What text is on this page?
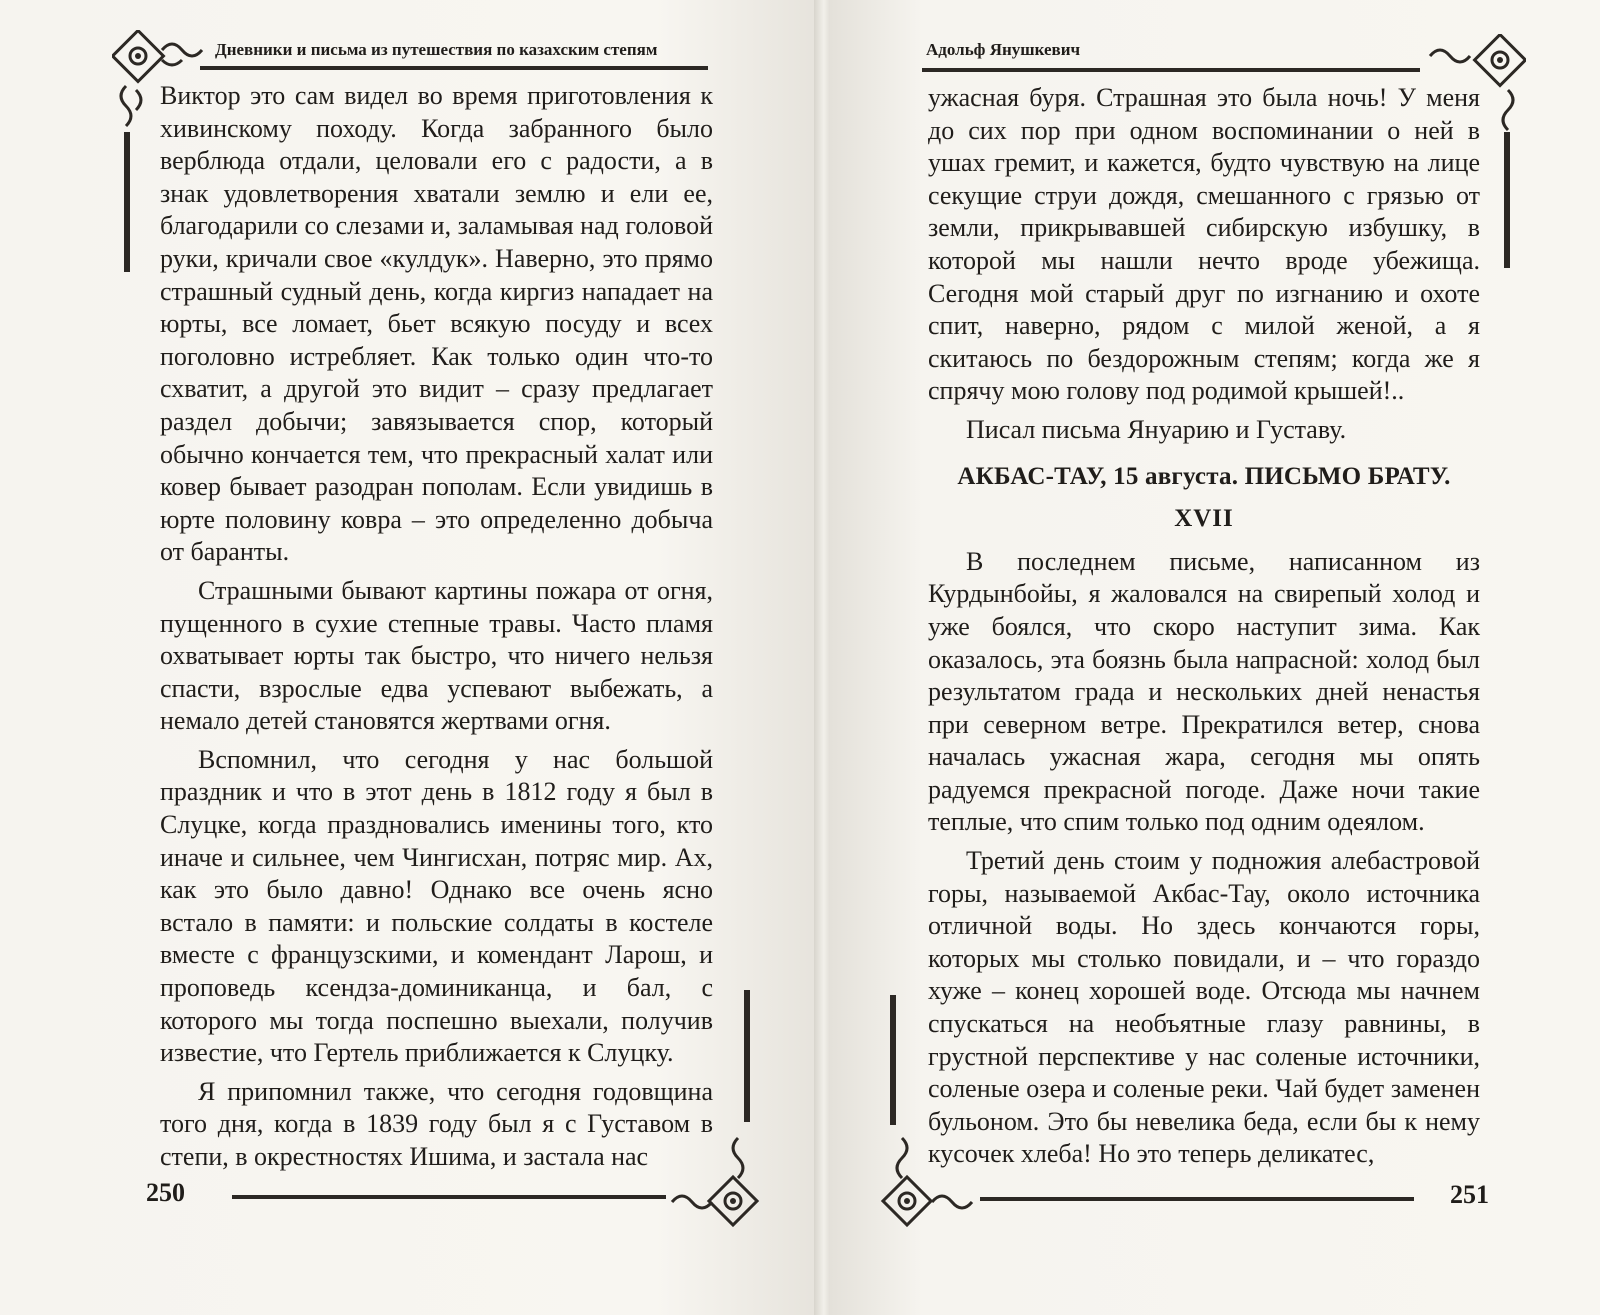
Дневники и письма из путешествия по казахским степям

Виктор это сам видел во время приготовления к хивинскому походу. Когда забранного было верблюда отдали, целовали его с радости, а в знак удовлетворения хватали землю и ели ее, благодарили со слезами и, заламывая над головой руки, кричали свое «кулдук». Наверно, это прямо страшный судный день, когда киргиз нападает на юрты, все ломает, бьет всякую посуду и всех поголовно истребляет. Как только один что-то схватит, а другой это видит – сразу предлагает раздел добычи; завязывается спор, который обычно кончается тем, что прекрасный халат или ковер бывает разодран пополам. Если увидишь в юрте половину ковра – это определенно добыча от баранты.

Страшными бывают картины пожара от огня, пущенного в сухие степные травы. Часто пламя охватывает юрты так быстро, что ничего нельзя спасти, взрослые едва успевают выбежать, а немало детей становятся жертвами огня.

Вспомнил, что сегодня у нас большой праздник и что в этот день в 1812 году я был в Слуцке, когда праздновались именины того, кто иначе и сильнее, чем Чингисхан, потряс мир. Ах, как это было давно! Однако все очень ясно встало в памяти: и польские солдаты в костеле вместе с французскими, и комендант Ларош, и проповедь ксендза-доминиканца, и бал, с которого мы тогда поспешно выехали, получив известие, что Гертель приближается к Слуцку.

Я припомнил также, что сегодня годовщина того дня, когда в 1839 году был я с Густавом в степи, в окрестностях Ишима, и застала нас

250
Адольф Янушкевич

ужасная буря. Страшная это была ночь! У меня до сих пор при одном воспоминании о ней в ушах гремит, и кажется, будто чувствую на лице секущие струи дождя, смешанного с грязью от земли, прикрывавшей сибирскую избушку, в которой мы нашли нечто вроде убежища. Сегодня мой старый друг по изгнанию и охоте спит, наверно, рядом с милой женой, а я скитаюсь по бездорожным степям; когда же я спрячу мою голову под родимой крышей!..

Писал письма Януарию и Густаву.

АКБАС-ТАУ, 15 августа. ПИСЬМО БРАТУ.
XVII

В последнем письме, написанном из Курдынбойы, я жаловался на свирепый холод и уже боялся, что скоро наступит зима. Как оказалось, эта боязнь была напрасной: холод был результатом града и нескольких дней ненастья при северном ветре. Прекратился ветер, снова началась ужасная жара, сегодня мы опять радуемся прекрасной погоде. Даже ночи такие теплые, что спим только под одним одеялом.

Третий день стоим у подножия алебастровой горы, называемой Акбас-Тау, около источника отличной воды. Но здесь кончаются горы, которых мы столько повидали, и – что гораздо хуже – конец хорошей воде. Отсюда мы начнем спускаться на необъятные глазу равнины, в грустной перспективе у нас соленые источники, соленые озера и соленые реки. Чай будет заменен бульоном. Это бы невелика беда, если бы к нему кусочек хлеба! Но это теперь деликатес,

251
